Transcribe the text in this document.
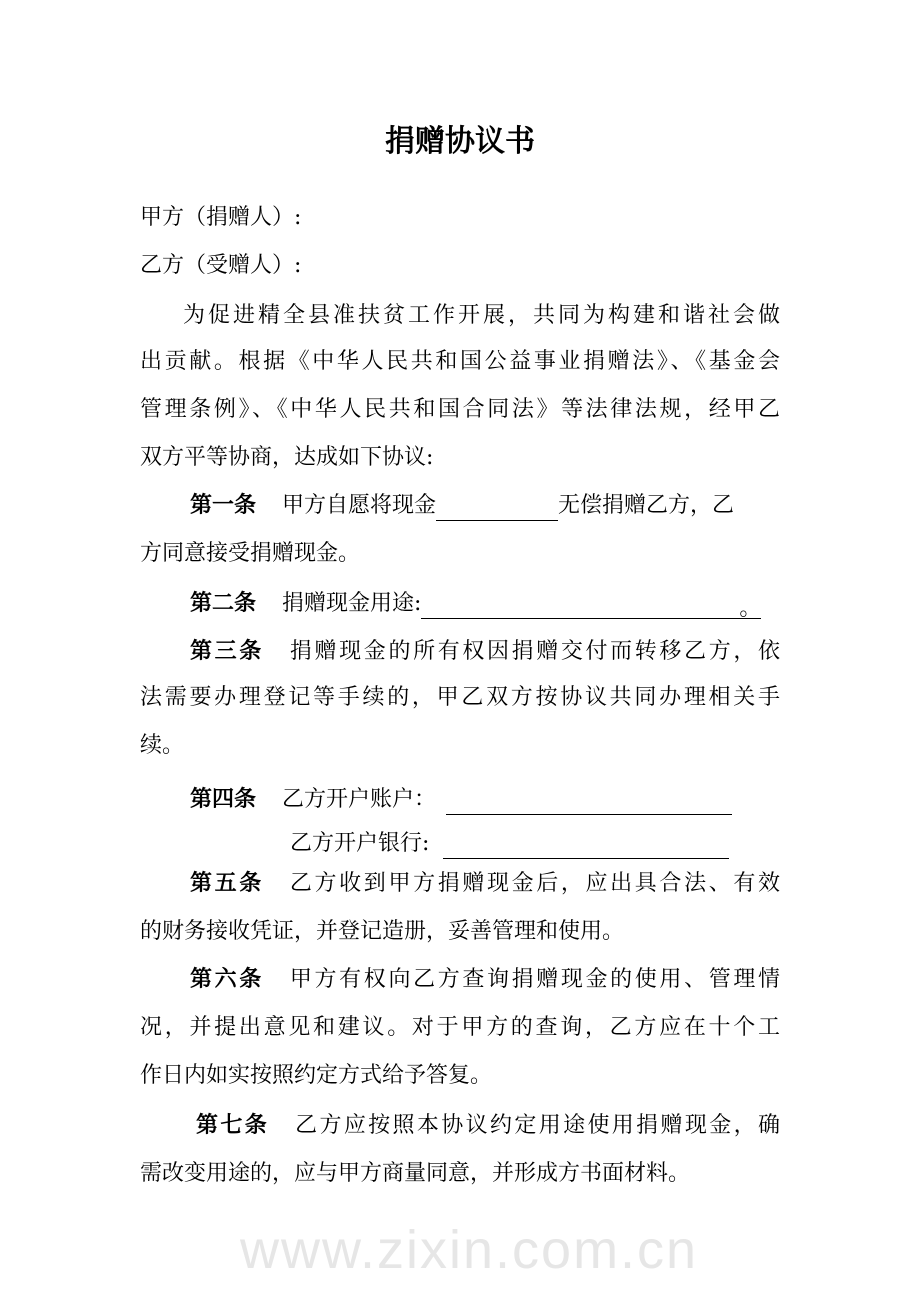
捐赠协议书
甲方（捐赠人）:
乙方（受赠人）:
为促进精全县准扶贫工作开展，共同为构建和谐社会做
出贡献。根据《中华人民共和国公益事业捐赠法》、《基金会
管理条例》、《中华人民共和国合同法》等法律法规，经甲乙
双方平等协商，达成如下协议:
第一条 甲方自愿将现金	无偿捐赠乙方，乙
方同意接受捐赠现金。
第二条 捐赠现金用途:	。
第三条 捐赠现金的所有权因捐赠交付而转移乙方，依
法需要办理登记等手续的，甲乙双方按协议共同办理相关手
续。
第四条 乙方开户账户：
乙方开户银行:
第五条 乙方收到甲方捐赠现金后，应出具合法、有效
的财务接收凭证，并登记造册，妥善管理和使用。
第六条 甲方有权向乙方查询捐赠现金的使用、管理情
况，并提出意见和建议。对于甲方的查询，乙方应在十个工
作日内如实按照约定方式给予答复。
第七条 乙方应按照本协议约定用途使用捐赠现金，确
需改变用途的，应与甲方商量同意，并形成方书面材料。
www.zixin.com.cn
